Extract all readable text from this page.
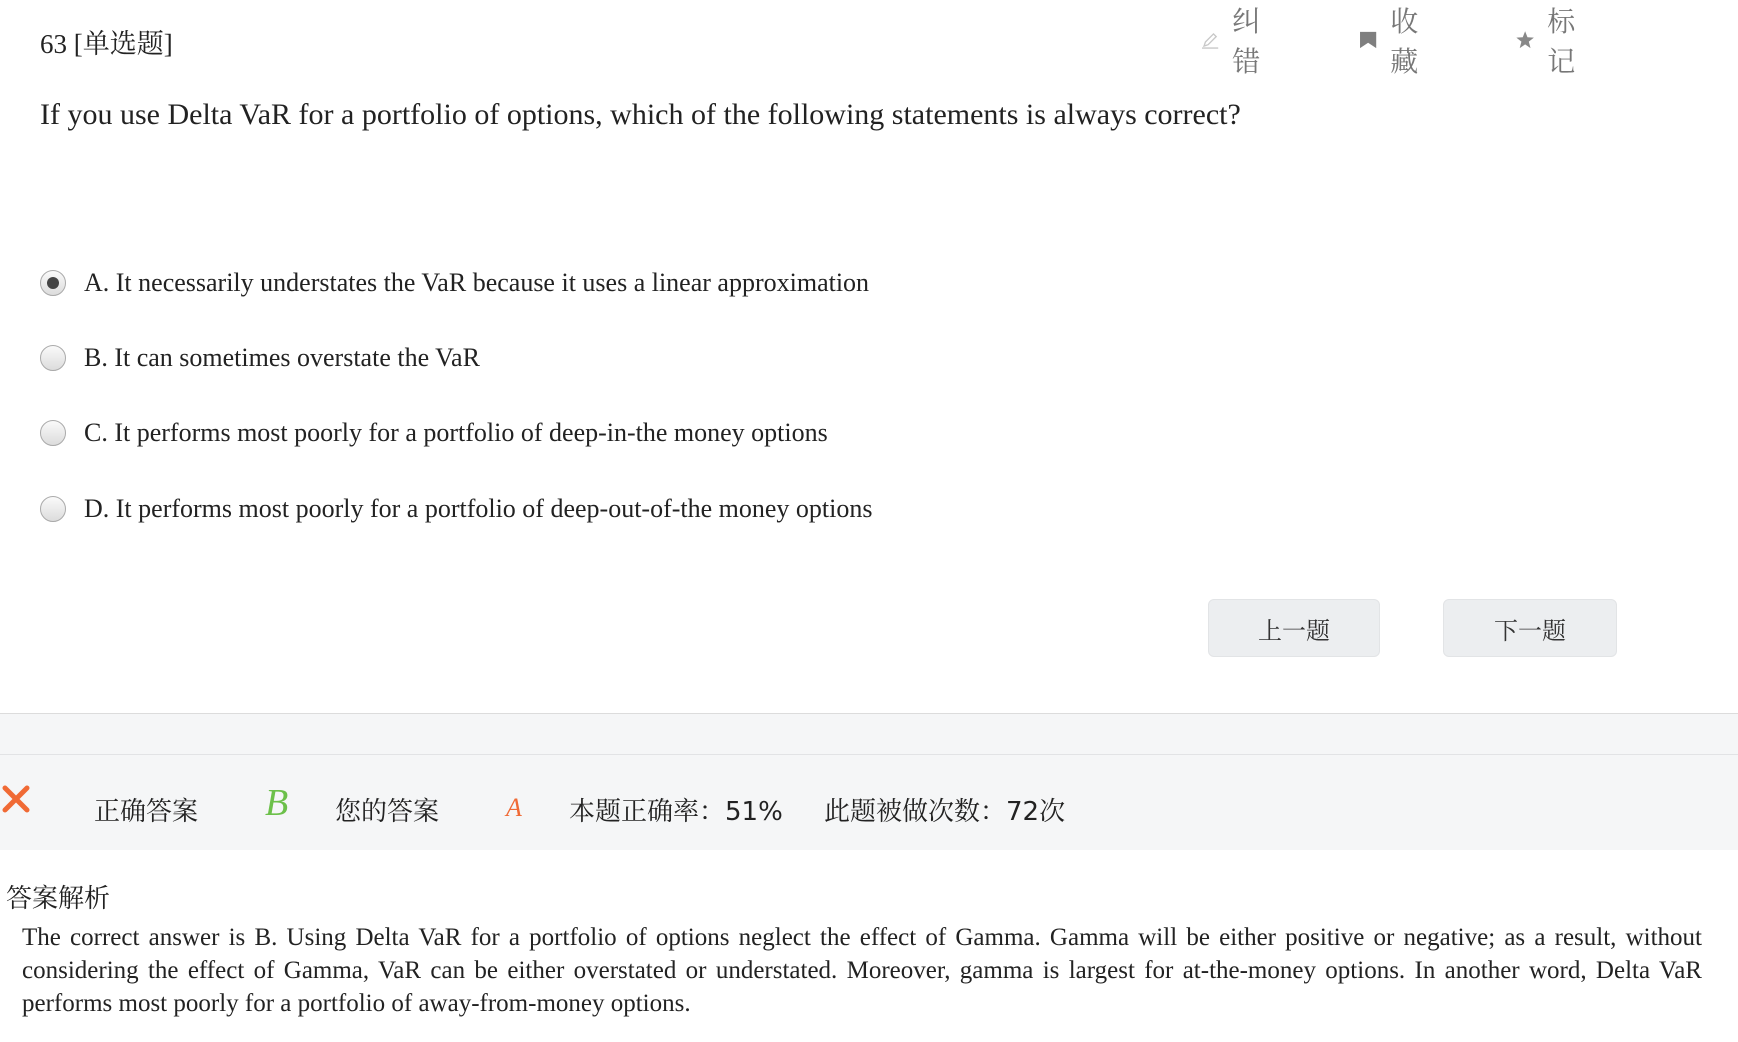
63 [单选题]
纠错
收藏
标记
If you use Delta VaR for a portfolio of options, which of the following statements is always correct?
A. It necessarily understates the VaR because it uses a linear approximation
B. It can sometimes overstate the VaR
C. It performs most poorly for a portfolio of deep-in-the money options
D. It performs most poorly for a portfolio of deep-out-of-the money options
上一题	下一题
正确答案 B 您的答案	A 本题正确率：51% 此题被做次数：72次
答案解析
The correct answer is B. Using Delta VaR for a portfolio of options neglect the effect of Gamma. Gamma will be either positive or negative; as a result, without considering the effect of Gamma, VaR can be either overstated or understated. Moreover, gamma is largest for at-the-money options. In another word, Delta VaR performs most poorly for a portfolio of away-from-money options.
